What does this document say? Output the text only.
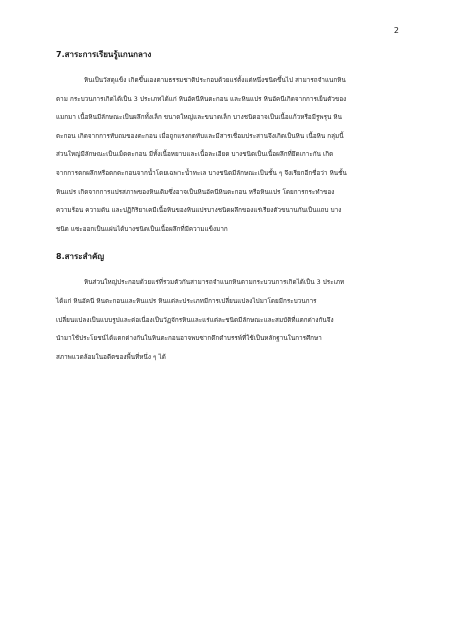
2
7.สาระการเรียนรู้แกนกลาง

หินเป็นวัสดุแข็ง เกิดขึ้นเองตามธรรมชาติประกอบด้วยแร่ตั้งแต่หนึ่งชนิดขึ้นไป สามารถจำแนกหิน
ตาม กระบวนการเกิดได้เป็น 3 ประเภทได้แก่ หินอัคนีหินตะกอน และหินแปร หินอัคนีเกิดจากการเย็นตัวของ
แมกมา เนื้อหินมีลักษณะเป็นผลึกทั้งเล็ก ขนาดใหญ่และขนาดเล็ก บางชนิดอาจเป็นเนื้อแก้วหรือมีรูพรุน หิน
ตะกอน เกิดจากการทับถมของตะกอน เมื่อถูกแรงกดทับและมีสารเชื่อมประสานจึงเกิดเป็นหิน เนื้อหิน กลุ่มนี้
ส่วนใหญ่มีลักษณะเป็นเม็ดตะกอน มีทั้งเนื้อหยาบและเนื้อละเอียด บางชนิดเป็นเนื้อผลึกที่ยึดเกาะกัน เกิด
จากการตกผลึกหรือตกตะกอนจากน้ำโดยเฉพาะน้ำทะเล บางชนิดมีลักษณะเป็นชั้น ๆ จึงเรียกอีกชื่อว่า หินชั้น
หินแปร เกิดจากการแปรสภาพของหินเดิมซึ่งอาจเป็นหินอัคนีหินตะกอน หรือหินแปร โดยการกระทำของ
ความร้อน ความดัน และปฏิกิริยาเคมีเนื้อหินของหินแปรบางชนิดผลึกของแร่เรียงตัวขนานกันเป็นแถบ บาง
ชนิด แซะออกเป็นแผ่นได้บางชนิดเป็นเนื้อผลึกที่มีความแข็งมาก

8.สาระสำคัญ

หินส่วนใหญ่ประกอบด้วยแร่ที่รวมตัวกันสามารถจำแนกหินตามกระบวนการเกิดได้เป็น 3 ประเภท
ได้แก่ หินอัคนี หินตะกอนและหินแปร หินแต่ละประเภทมีการเปลี่ยนแปลงไปมาโดยมีกระบวนการ
เปลี่ยนแปลงเป็นแบบรูปและต่อเนื่องเป็นวัฏจักรหินและแร่แต่ละชนิดมีลักษณะและสมบัติที่แตกต่างกันจึง
นำมาใช้ประโยชน์ได้แตกต่างกันในหินตะกอนอาจพบซากดึกดำบรรพ์ที่ใช้เป็นหลักฐานในการศึกษา
สภาพแวดล้อมในอดีตของพื้นที่หนึ่ง ๆ ได้
